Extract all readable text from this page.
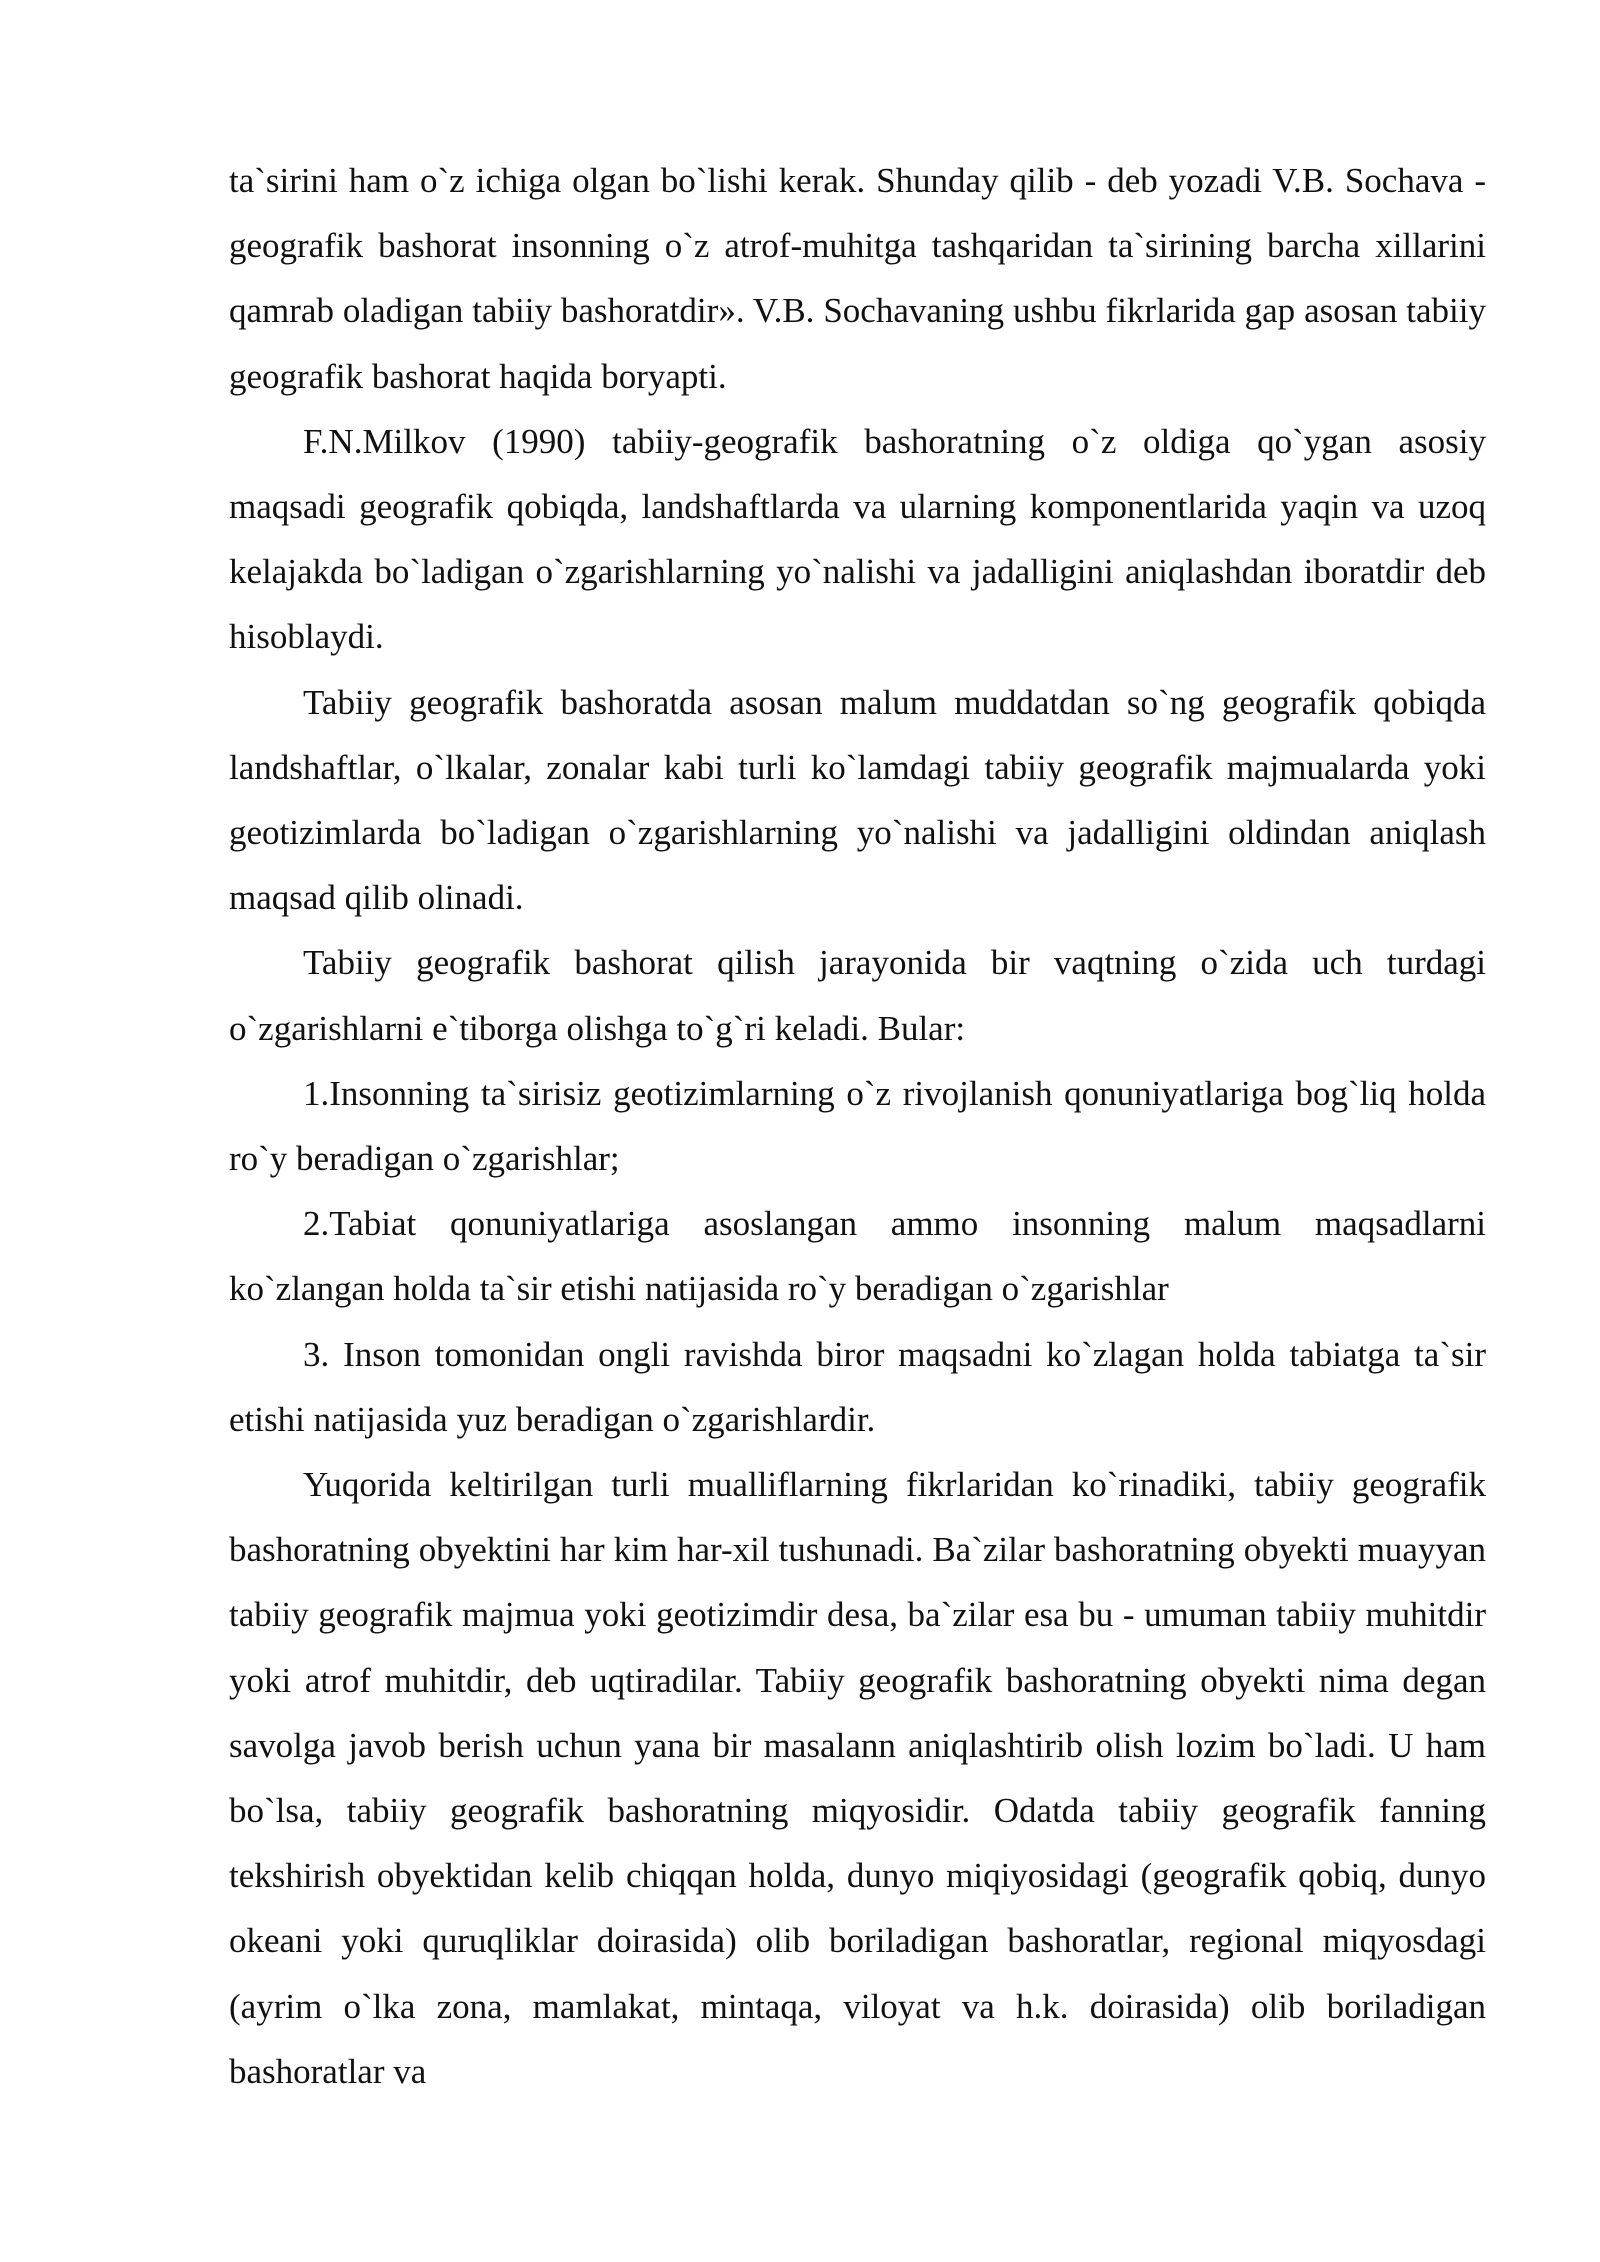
ta`sirini ham o`z ichiga olgan bo`lishi kerak. Shunday qilib - deb yozadi V.B. Sochava - geografik bashorat insonning o`z atrof-muhitga tashqaridan ta`sirining barcha xillarini qamrab oladigan tabiiy bashoratdir». V.B. Sochavaning ushbu fikrlarida gap asosan tabiiy geografik bashorat haqida boryapti.

F.N.Milkov (1990) tabiiy-geografik bashoratning o`z oldiga qo`ygan asosiy maqsadi geografik qobiqda, landshaftlarda va ularning komponentlarida yaqin va uzoq kelajakda bo`ladigan o`zgarishlarning yo`nalishi va jadalligini aniqlashdan iboratdir deb hisoblaydi.

Tabiiy geografik bashoratda asosan malum muddatdan so`ng geografik qobiqda landshaftlar, o`lkalar, zonalar kabi turli ko`lamdagi tabiiy geografik majmualarda yoki geotizimlarda bo`ladigan o`zgarishlarning yo`nalishi va jadalligini oldindan aniqlash maqsad qilib olinadi.

Tabiiy geografik bashorat qilish jarayonida bir vaqtning o`zida uch turdagi o`zgarishlarni e`tiborga olishga to`g`ri keladi. Bular:

1.Insonning ta`sirisiz geotizimlarning o`z rivojlanish qonuniyatlariga bog`liq holda ro`y beradigan o`zgarishlar;

2.Tabiat qonuniyatlariga asoslangan ammo insonning malum maqsadlarni ko`zlangan holda ta`sir etishi natijasida ro`y beradigan o`zgarishlar

3. Inson tomonidan ongli ravishda biror maqsadni ko`zlagan holda tabiatga ta`sir etishi natijasida yuz beradigan o`zgarishlardir.

Yuqorida keltirilgan turli mualliflarning fikrlaridan ko`rinadiki, tabiiy geografik bashoratning obyektini har kim har-xil tushunadi. Ba`zilar bashoratning obyekti muayyan tabiiy geografik majmua yoki geotizimdir desa, ba`zilar esa bu - umuman tabiiy muhitdir yoki atrof muhitdir, deb uqtiradilar. Tabiiy geografik bashoratning obyekti nima degan savolga javob berish uchun yana bir masalann aniqlashtirib olish lozim bo`ladi. U ham bo`lsa, tabiiy geografik bashoratning miqyosidir. Odatda tabiiy geografik fanning tekshirish obyektidan kelib chiqqan holda, dunyo miqiyosidagi (geografik qobiq, dunyo okeani yoki quruqliklar doirasida) olib boriladigan bashoratlar, regional miqyosdagi (ayrim o`lka zona, mamlakat, mintaqa, viloyat va h.k. doirasida) olib boriladigan bashoratlar va
